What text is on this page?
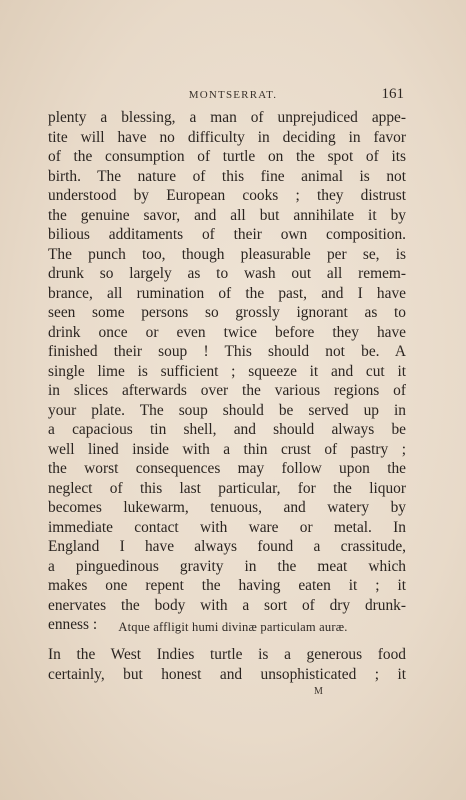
MONTSERRAT.	161
plenty a blessing, a man of unprejudiced appe-
tite will have no difficulty in deciding in favor
of the consumption of turtle on the spot of its
birth. The nature of this fine animal is not
understood by European cooks ; they distrust
the genuine savor, and all but annihilate it by
bilious additaments of their own composition.
The punch too, though pleasurable per se, is
drunk so largely as to wash out all remem-
brance, all rumination of the past, and I have
seen some persons so grossly ignorant as to
drink once or even twice before they have
finished their soup ! This should not be. A
single lime is sufficient ; squeeze it and cut it
in slices afterwards over the various regions of
your plate. The soup should be served up in
a capacious tin shell, and should always be
well lined inside with a thin crust of pastry ;
the worst consequences may follow upon the
neglect of this last particular, for the liquor
becomes lukewarm, tenuous, and watery by
immediate contact with ware or metal. In
England I have always found a crassitude,
a pinguedinous gravity in the meat which
makes one repent the having eaten it ; it
enervates the body with a sort of dry drunk-
enness :	Atque affligit humi divinæ particulam auræ.
In the West Indies turtle is a generous food
certainly, but honest and unsophisticated ; it
M
